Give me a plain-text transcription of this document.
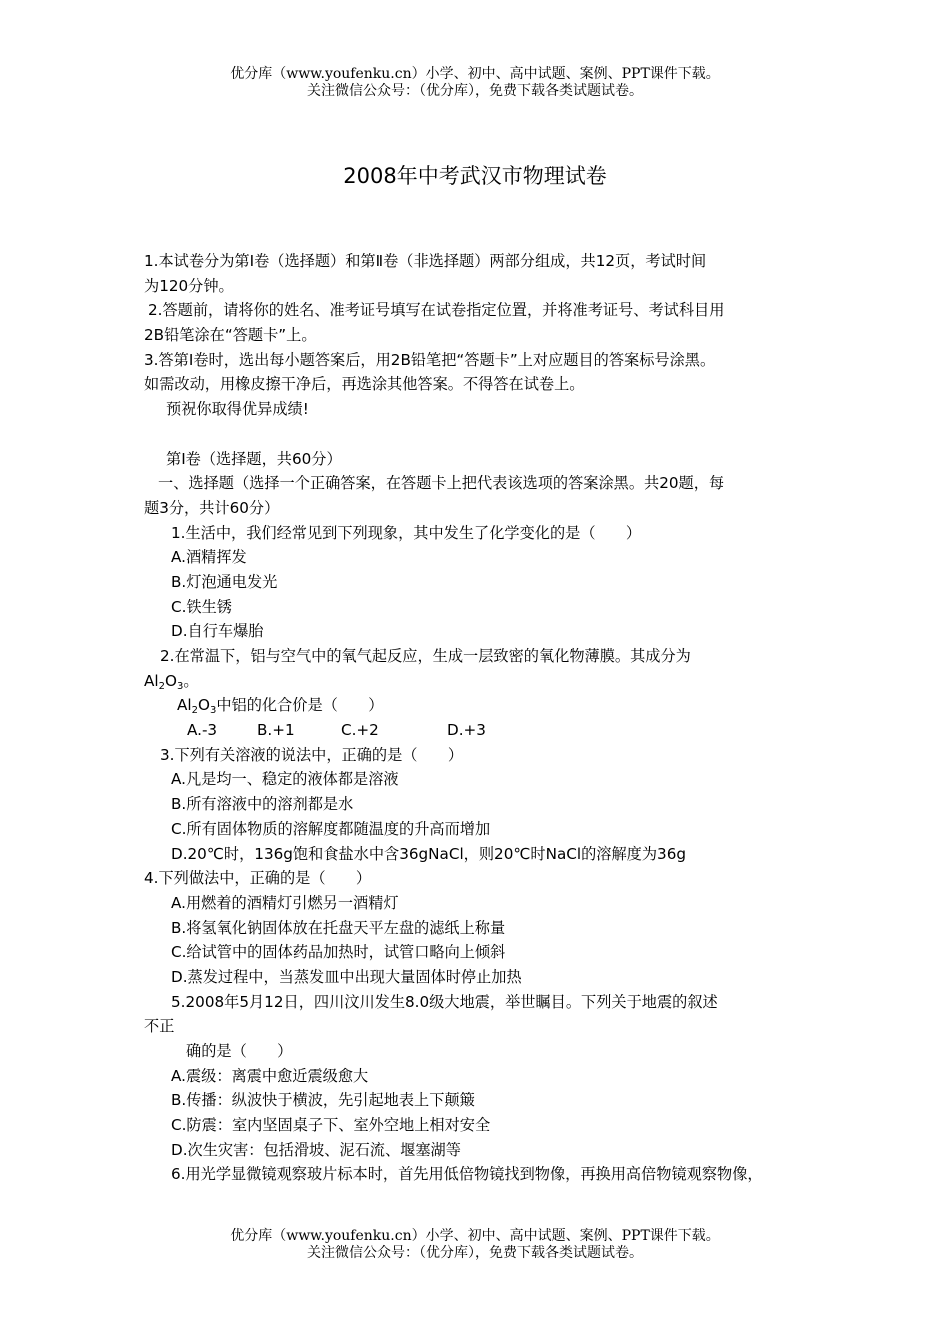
优分库（www.youfenku.cn）小学、初中、高中试题、案例、PPT课件下载。
关注微信公众号：（优分库），免费下载各类试题试卷。
2008年中考武汉市物理试卷
1.本试卷分为第Ⅰ卷（选择题）和第Ⅱ卷（非选择题）两部分组成，共12页，考试时间
为120分钟。
2.答题前，请将你的姓名、准考证号填写在试卷指定位置，并将准考证号、考试科目用
2B铅笔涂在“答题卡”上。
3.答第Ⅰ卷时，选出每小题答案后，用2B铅笔把“答题卡”上对应题目的答案标号涂黑。
如需改动，用橡皮擦干净后，再选涂其他答案。不得答在试卷上。
预祝你取得优异成绩!
第Ⅰ卷（选择题，共60分）
一、选择题（选择一个正确答案，在答题卡上把代表该选项的答案涂黑。共20题，每
题3分，共计60分）
1.生活中，我们经常见到下列现象，其中发生了化学变化的是（　　）
A.酒精挥发
B.灯泡通电发光
C.铁生锈
D.自行车爆胎
2.在常温下，铝与空气中的氧气起反应，生成一层致密的氧化物薄膜。其成分为
$Al_2O_3$。
$Al_2O_3$中铝的化合价是（　　）
A.-3	B.+1	C.+2	D.+3
3.下列有关溶液的说法中，正确的是（　　）
A.凡是均一、稳定的液体都是溶液
B.所有溶液中的溶剂都是水
C.所有固体物质的溶解度都随温度的升高而增加
D.20℃时，136g饱和食盐水中含36gNaCl，则20℃时NaCl的溶解度为36g
4.下列做法中，正确的是（　　）
A.用燃着的酒精灯引燃另一酒精灯
B.将氢氧化钠固体放在托盘天平左盘的滤纸上称量
C.给试管中的固体药品加热时，试管口略向上倾斜
D.蒸发过程中，当蒸发皿中出现大量固体时停止加热
5.2008年5月12日，四川汶川发生8.0级大地震，举世瞩目。下列关于地震的叙述
不正
确的是（　　）
A.震级：离震中愈近震级愈大
B.传播：纵波快于横波，先引起地表上下颠簸
C.防震：室内坚固桌子下、室外空地上相对安全
D.次生灾害：包括滑坡、泥石流、堰塞湖等
6.用光学显微镜观察玻片标本时，首先用低倍物镜找到物像，再换用高倍物镜观察物像，
优分库（www.youfenku.cn）小学、初中、高中试题、案例、PPT课件下载。
关注微信公众号：（优分库），免费下载各类试题试卷。
